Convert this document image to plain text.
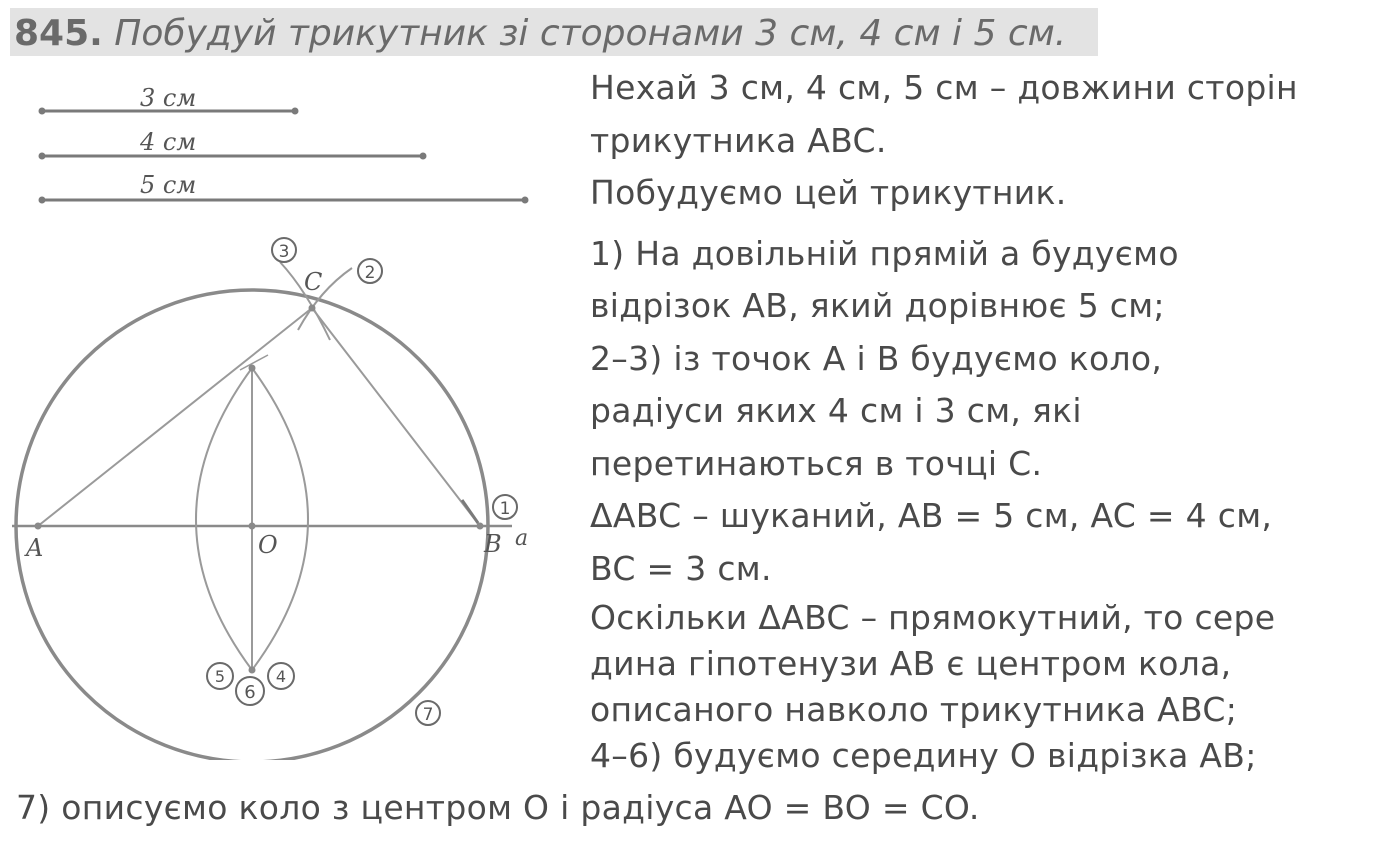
845. Побудуй трикутник зі сторонами 3 см, 4 см і 5 см.
3 см
4 см
5 см
A	B a
O
C
1
2
3
4
5
6
7
Нехай 3 см, 4 см, 5 см – довжини сторін
трикутника ABC.
Побудуємо цей трикутник.
1) На довільній прямій a будуємо
відрізок AB, який дорівнює 5 см;
2–3) із точок A і B будуємо коло,
радіуси яких 4 см і 3 см, які
перетинаються в точці C.
ΔABC – шуканий, AB = 5 см, AC = 4 см,
BC = 3 см.
Оскільки ΔABC – прямокутний, то сере
дина гіпотенузи AB є центром кола,
описаного навколо трикутника ABC;
4–6) будуємо середину O відрізка AB;
7) описуємо коло з центром O і радіуса AO = BO = CO.
